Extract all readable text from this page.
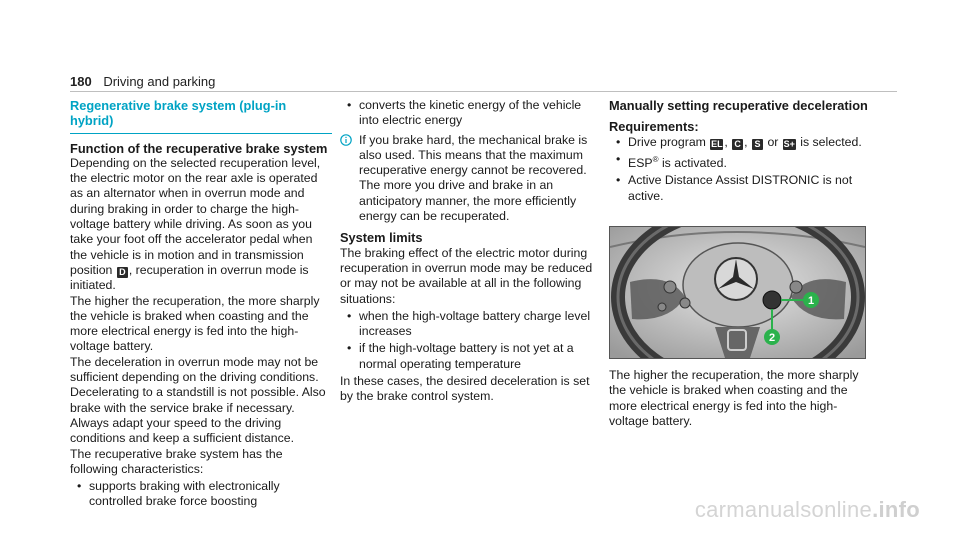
180 Driving and parking
Regenerative brake system (plug-in hybrid)
Function of the recuperative brake system

Depending on the selected recuperation level, the electric motor on the rear axle is operated as an alternator when in overrun mode and during braking in order to charge the high-voltage battery while driving. As soon as you take your foot off the accelerator pedal when the vehicle is in motion and in transmission position D , recuperation in overrun mode is initiated.

The higher the recuperation, the more sharply the vehicle is braked when coasting and the more electrical energy is fed into the high-voltage battery.

The deceleration in overrun mode may not be sufficient depending on the driving conditions. Decelerating to a standstill is not possible. Also brake with the service brake if necessary. Always adapt your speed to the driving conditions and keep a sufficient distance.

The recuperative brake system has the following characteristics:

• supports braking with electronically controlled brake force boosting
• converts the kinetic energy of the vehicle into electric energy
If you brake hard, the mechanical brake is also used. This means that the maximum recuperative energy cannot be recovered. The more you drive and brake in an anticipatory manner, the more efficiently energy can be recuperated.
System limits

The braking effect of the electric motor during recuperation in overrun mode may be reduced or may not be available at all in the following situations:

• when the high-voltage battery charge level increases
• if the high-voltage battery is not yet at a normal operating temperature

In these cases, the desired deceleration is set by the brake control system.

Manually setting recuperative deceleration
Requirements:
• Drive program EL , C , S or S+ is selected.
• ESP® is activated.
• Active Distance Assist DISTRONIC is not active.
1
2
The higher the recuperation, the more sharply the vehicle is braked when coasting and the more electrical energy is fed into the high-voltage battery.
carmanualsonline.info
